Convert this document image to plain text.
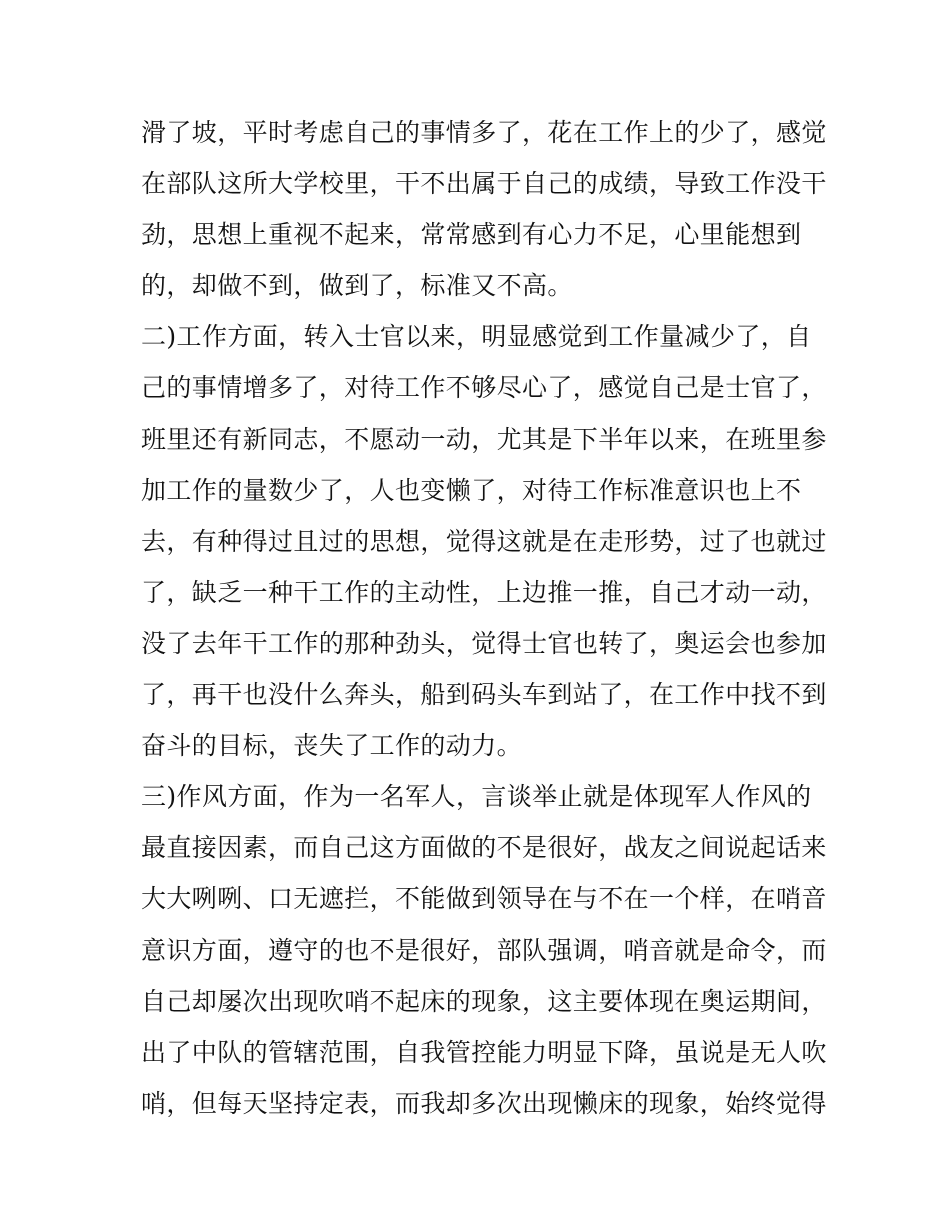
滑了坡，平时考虑自己的事情多了，花在工作上的少了，感觉
在部队这所大学校里，干不出属于自己的成绩，导致工作没干
劲，思想上重视不起来，常常感到有心力不足，心里能想到
的，却做不到，做到了，标准又不高。
二)工作方面，转入士官以来，明显感觉到工作量减少了，自
己的事情增多了，对待工作不够尽心了，感觉自己是士官了，
班里还有新同志，不愿动一动，尤其是下半年以来，在班里参
加工作的量数少了，人也变懒了，对待工作标准意识也上不
去，有种得过且过的思想，觉得这就是在走形势，过了也就过
了，缺乏一种干工作的主动性，上边推一推，自己才动一动，
没了去年干工作的那种劲头，觉得士官也转了，奥运会也参加
了，再干也没什么奔头，船到码头车到站了，在工作中找不到
奋斗的目标，丧失了工作的动力。
三)作风方面，作为一名军人，言谈举止就是体现军人作风的
最直接因素，而自己这方面做的不是很好，战友之间说起话来
大大咧咧、口无遮拦，不能做到领导在与不在一个样，在哨音
意识方面，遵守的也不是很好，部队强调，哨音就是命令，而
自己却屡次出现吹哨不起床的现象，这主要体现在奥运期间，
出了中队的管辖范围，自我管控能力明显下降，虽说是无人吹
哨，但每天坚持定表，而我却多次出现懒床的现象，始终觉得
